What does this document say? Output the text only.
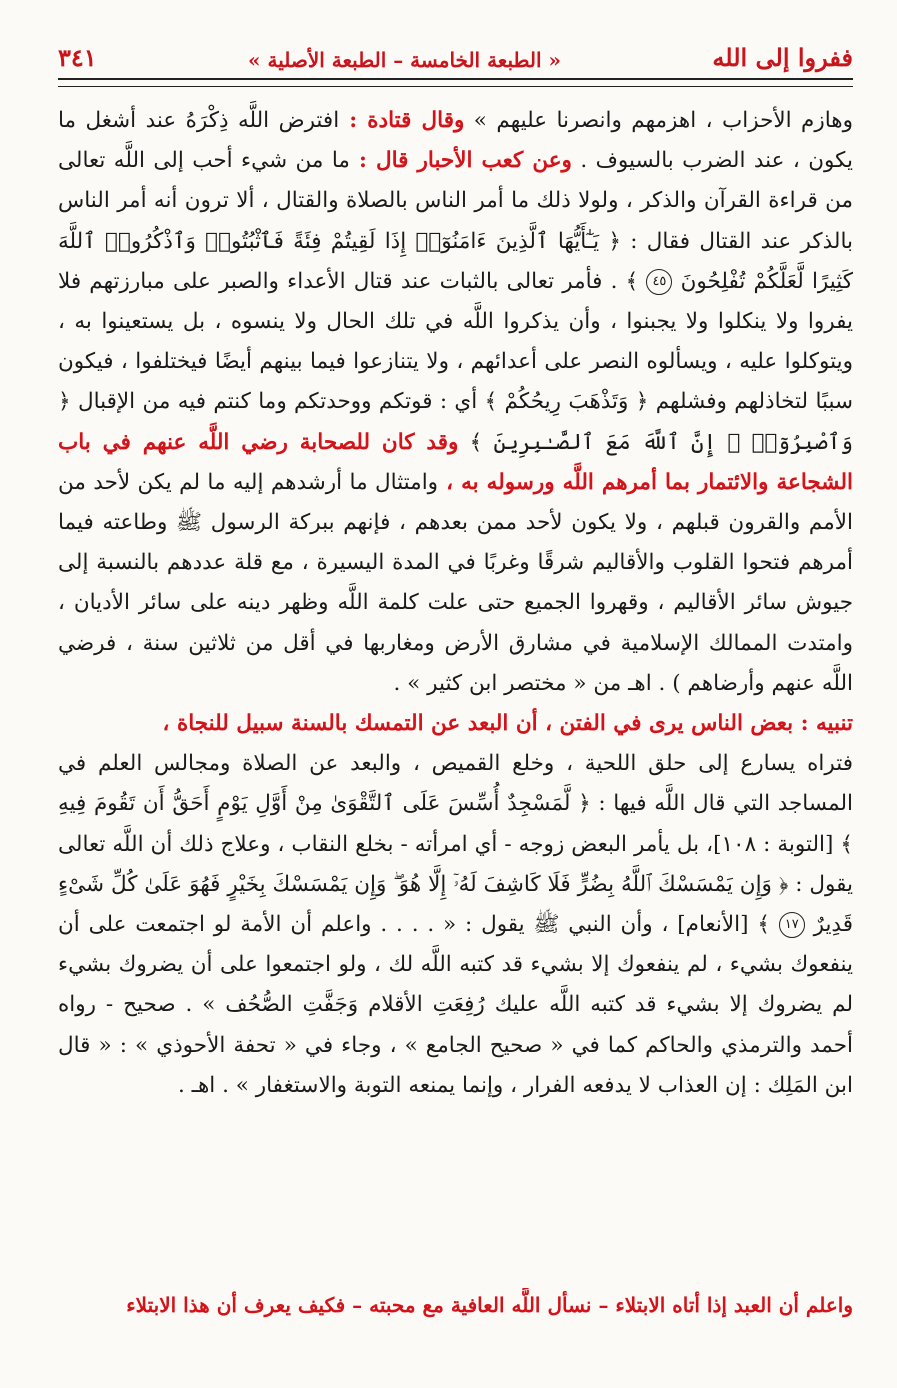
ففروا إلى الله
« الطبعة الخامسة – الطبعة الأصلية »
٣٤١

وهازم الأحزاب ، اهزمهم وانصرنا عليهم » وقال قتادة : افترض اللَّه ذِكْرَهُ عند أشغل ما يكون ، عند الضرب بالسيوف . وعن كعب الأحبار قال : ما من شيء أحب إلى اللَّه تعالى من قراءة القرآن والذكر ، ولولا ذلك ما أمر الناس بالصلاة والقتال ، ألا ترون أنه أمر الناس بالذكر عند القتال فقال : ﴿ يَـٰٓأَيُّهَا ٱلَّذِينَ ءَامَنُوٓا۟ إِذَا لَقِيتُمْ فِئَةً فَٱثْبُتُوا۟ وَٱذْكُرُوا۟ ٱللَّهَ كَثِيرًا لَّعَلَّكُمْ تُفْلِحُونَ ٤٥ ﴾ . فأمر تعالى بالثبات عند قتال الأعداء والصبر على مبارزتهم فلا يفروا ولا ينكلوا ولا يجبنوا ، وأن يذكروا اللَّه في تلك الحال ولا ينسوه ، بل يستعينوا به ، ويتوكلوا عليه ، ويسألوه النصر على أعدائهم ، ولا يتنازعوا فيما بينهم أيضًا فيختلفوا ، فيكون سببًا لتخاذلهم وفشلهم ﴿ وَتَذْهَبَ رِيحُكُمْ ﴾ أي : قوتكم ووحدتكم وما كنتم فيه من الإقبال ﴿ وَٱصْبِرُوٓا۟ ۚ إِنَّ ٱللَّهَ مَعَ ٱلصَّـٰبِرِينَ ﴾ وقد كان للصحابة رضي اللَّه عنهم في باب الشجاعة والائتمار بما أمرهم اللَّه ورسوله به ، وامتثال ما أرشدهم إليه ما لم يكن لأحد من الأمم والقرون قبلهم ، ولا يكون لأحد ممن بعدهم ، فإنهم ببركة الرسول ﷺ وطاعته فيما أمرهم فتحوا القلوب والأقاليم شرقًا وغربًا في المدة اليسيرة ، مع قلة عددهم بالنسبة إلى جيوش سائر الأقاليم ، وقهروا الجميع حتى علت كلمة اللَّه وظهر دينه على سائر الأديان ، وامتدت الممالك الإسلامية في مشارق الأرض ومغاربها في أقل من ثلاثين سنة ، فرضي اللَّه عنهم وأرضاهم ) . اهـ من « مختصر ابن كثير » .

تنبيه : بعض الناس يرى في الفتن ، أن البعد عن التمسك بالسنة سبيل للنجاة ،

فتراه يسارع إلى حلق اللحية ، وخلع القميص ، والبعد عن الصلاة ومجالس العلم في المساجد التي قال اللَّه فيها : ﴿ لَّمَسْجِدٌ أُسِّسَ عَلَى ٱلتَّقْوَىٰ مِنْ أَوَّلِ يَوْمٍ أَحَقُّ أَن تَقُومَ فِيهِ ﴾ [التوبة : ١٠٨]، بل يأمر البعض زوجه - أي امرأته - بخلع النقاب ، وعلاج ذلك أن اللَّه تعالى يقول : ﴿ وَإِن يَمْسَسْكَ ٱللَّهُ بِضُرٍّ فَلَا كَاشِفَ لَهُۥٓ إِلَّا هُوَ ۖ وَإِن يَمْسَسْكَ بِخَيْرٍ فَهُوَ عَلَىٰ كُلِّ شَىْءٍ قَدِيرٌ ١٧ ﴾ [الأنعام] ، وأن النبي ﷺ يقول : « . . . . واعلم أن الأمة لو اجتمعت على أن ينفعوك بشيء ، لم ينفعوك إلا بشيء قد كتبه اللَّه لك ، ولو اجتمعوا على أن يضروك بشيء لم يضروك إلا بشيء قد كتبه اللَّه عليك رُفِعَتِ الأقلام وَجَفَّتِ الصُّحُف » . صحيح - رواه أحمد والترمذي والحاكم كما في « صحيح الجامع » ، وجاء في « تحفة الأحوذي » : « قال ابن المَلِك : إن العذاب لا يدفعه الفرار ، وإنما يمنعه التوبة والاستغفار » . اهـ .

واعلم أن العبد إذا أتاه الابتلاء – نسأل اللَّه العافية مع محبته – فكيف يعرف أن هذا الابتلاء
